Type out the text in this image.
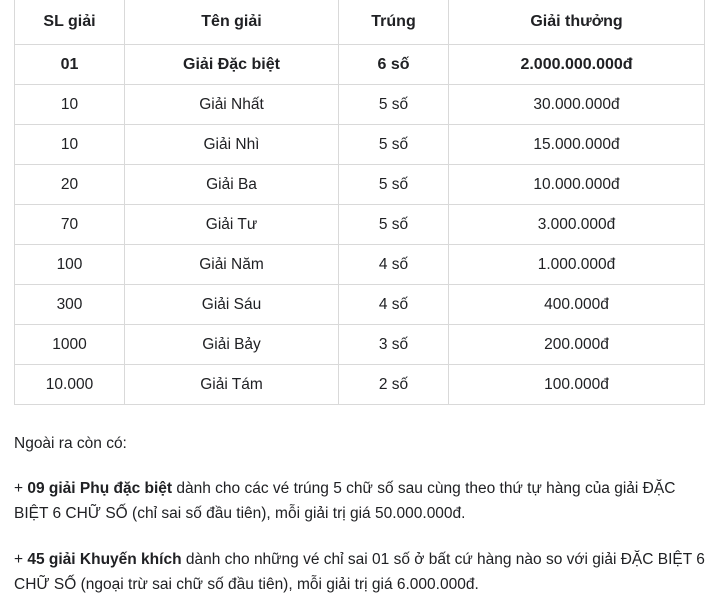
SL giải	Tên giải	Trúng	Giải thưởng
01	Giải Đặc biệt	6 số	2.000.000.000đ
10	Giải Nhất	5 số	30.000.000đ
10	Giải Nhì	5 số	15.000.000đ
20	Giải Ba	5 số	10.000.000đ
70	Giải Tư	5 số	3.000.000đ
100	Giải Năm	4 số	1.000.000đ
300	Giải Sáu	4 số	400.000đ
1000	Giải Bảy	3 số	200.000đ
10.000	Giải Tám	2 số	100.000đ

Ngoài ra còn có:

+ 09 giải Phụ đặc biệt dành cho các vé trúng 5 chữ số sau cùng theo thứ tự hàng của giải ĐẶC BIỆT 6 CHỮ SỐ (chỉ sai số đầu tiên), mỗi giải trị giá 50.000.000đ.

+ 45 giải Khuyến khích dành cho những vé chỉ sai 01 số ở bất cứ hàng nào so với giải ĐẶC BIỆT 6 CHỮ SỐ (ngoại trừ sai chữ số đầu tiên), mỗi giải trị giá 6.000.000đ.
